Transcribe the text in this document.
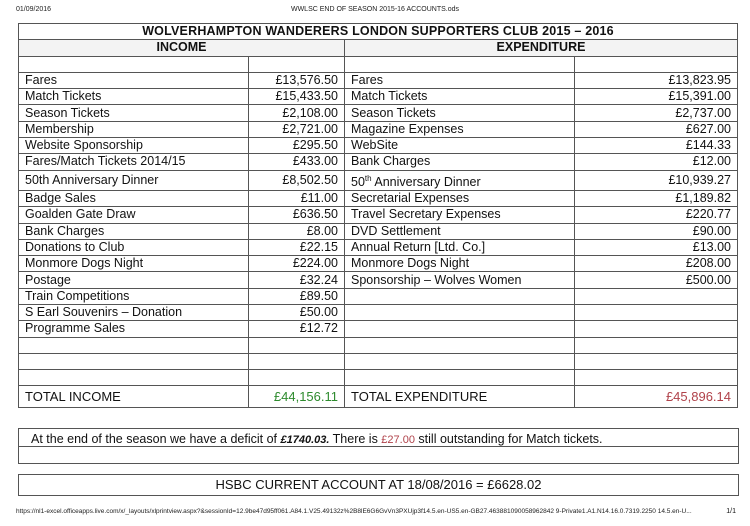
01/09/2016	WWLSC END OF SEASON 2015-16 ACCOUNTS.ods
WOLVERHAMPTON WANDERERS LONDON SUPPORTERS CLUB 2015 – 2016			
INCOME		EXPENDITURE	

Fares	£13,576.50	Fares	£13,823.95
Match Tickets	£15,433.50	Match Tickets	£15,391.00
Season Tickets	£2,108.00	Season Tickets	£2,737.00
Membership	£2,721.00	Magazine Expenses	£627.00
Website Sponsorship	£295.50	WebSite	£144.33
Fares/Match Tickets 2014/15	£433.00	Bank Charges	£12.00
50th Anniversary Dinner	£8,502.50	50th Anniversary Dinner	£10,939.27
Badge Sales	£11.00	Secretarial Expenses	£1,189.82
Goalden Gate Draw	£636.50	Travel Secretary Expenses	£220.77
Bank Charges	£8.00	DVD Settlement	£90.00
Donations to Club	£22.15	Annual Return [Ltd. Co.]	£13.00
Monmore Dogs Night	£224.00	Monmore Dogs Night	£208.00
Postage	£32.24	Sponsorship – Wolves Women	£500.00
Train Competitions	£89.50		
S Earl Souvenirs – Donation	£50.00		
Programme Sales	£12.72		

TOTAL INCOME	£44,156.11	TOTAL EXPENDITURE	£45,896.14
At the end of the season we have a deficit of £1740.03. There is £27.00 still outstanding for Match tickets.
HSBC CURRENT ACCOUNT AT 18/08/2016 = £6628.02
https://nl1-excel.officeapps.live.com/x/_layouts/xlprintview.aspx?&sessionId=12.9be47d95ff061.A84.1.V25.49132z%2B8lE6G6GvVn3PXUjp3f14.5.en-US5.en-GB27.463881090058962842 9-Private1.A1.N14.16.0.7319.2250 14.5.en-U...	1/1
